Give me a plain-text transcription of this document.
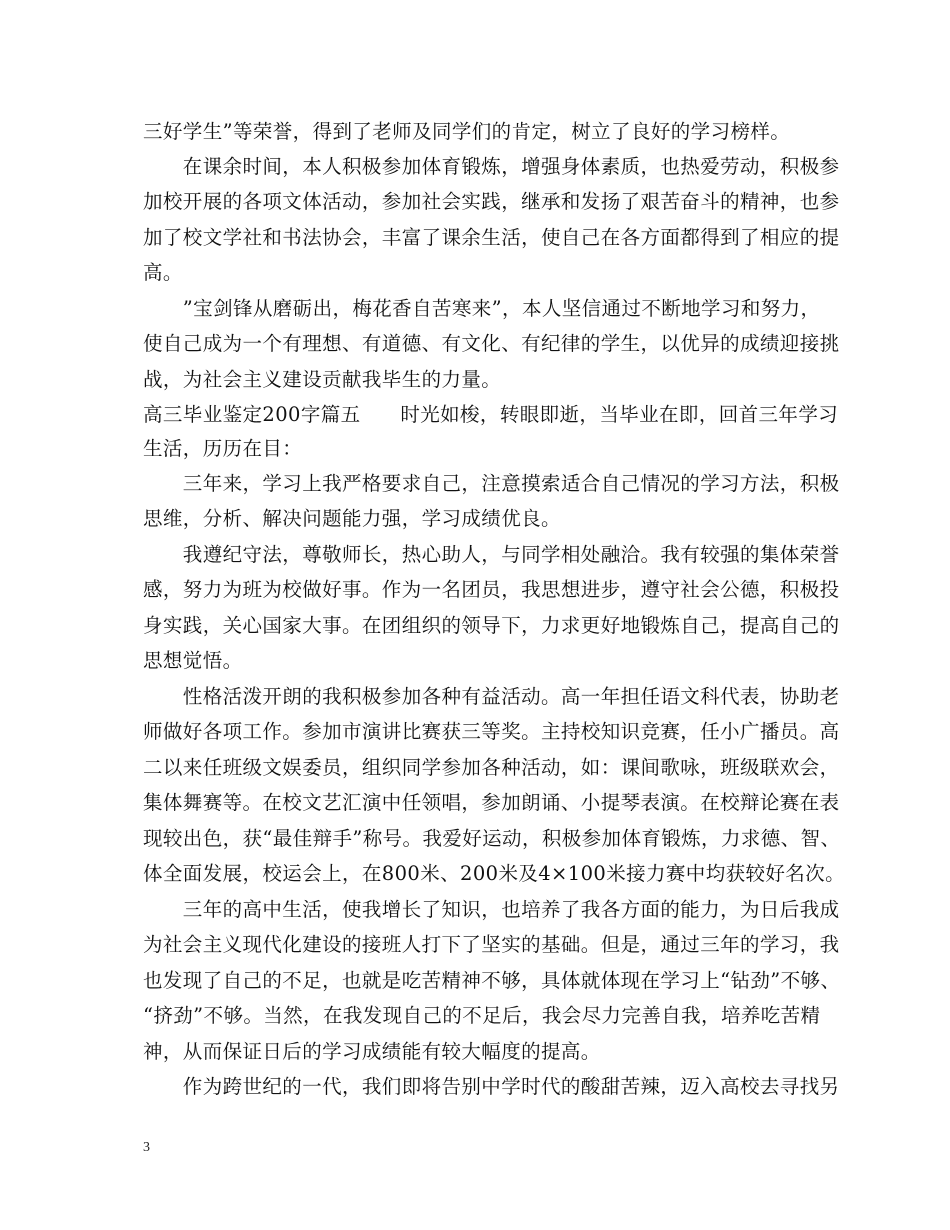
三好学生”等荣誉，得到了老师及同学们的肯定，树立了良好的学习榜样。
　　在课余时间，本人积极参加体育锻炼，增强身体素质，也热爱劳动，积极参
加校开展的各项文体活动，参加社会实践，继承和发扬了艰苦奋斗的精神，也参
加了校文学社和书法协会，丰富了课余生活，使自己在各方面都得到了相应的提
高。
　　”宝剑锋从磨砺出，梅花香自苦寒来”，本人坚信通过不断地学习和努力，
使自己成为一个有理想、有道德、有文化、有纪律的学生，以优异的成绩迎接挑
战，为社会主义建设贡献我毕生的力量。
高三毕业鉴定200字篇五　　时光如梭，转眼即逝，当毕业在即，回首三年学习
生活，历历在目：
　　三年来，学习上我严格要求自己，注意摸索适合自己情况的学习方法，积极
思维，分析、解决问题能力强，学习成绩优良。
　　我遵纪守法，尊敬师长，热心助人，与同学相处融洽。我有较强的集体荣誉
感，努力为班为校做好事。作为一名团员，我思想进步，遵守社会公德，积极投
身实践，关心国家大事。在团组织的领导下，力求更好地锻炼自己，提高自己的
思想觉悟。
　　性格活泼开朗的我积极参加各种有益活动。高一年担任语文科代表，协助老
师做好各项工作。参加市演讲比赛获三等奖。主持校知识竞赛，任小广播员。高
二以来任班级文娱委员，组织同学参加各种活动，如：课间歌咏，班级联欢会，
集体舞赛等。在校文艺汇演中任领唱，参加朗诵、小提琴表演。在校辩论赛在表
现较出色，获“最佳辩手”称号。我爱好运动，积极参加体育锻炼，力求德、智、
体全面发展，校运会上，在800米、200米及4×100米接力赛中均获较好名次。
　　三年的高中生活，使我增长了知识，也培养了我各方面的能力，为日后我成
为社会主义现代化建设的接班人打下了坚实的基础。但是，通过三年的学习，我
也发现了自己的不足，也就是吃苦精神不够，具体就体现在学习上“钻劲”不够、
“挤劲”不够。当然，在我发现自己的不足后，我会尽力完善自我，培养吃苦精
神，从而保证日后的学习成绩能有较大幅度的提高。
　　作为跨世纪的一代，我们即将告别中学时代的酸甜苦辣，迈入高校去寻找另
3
